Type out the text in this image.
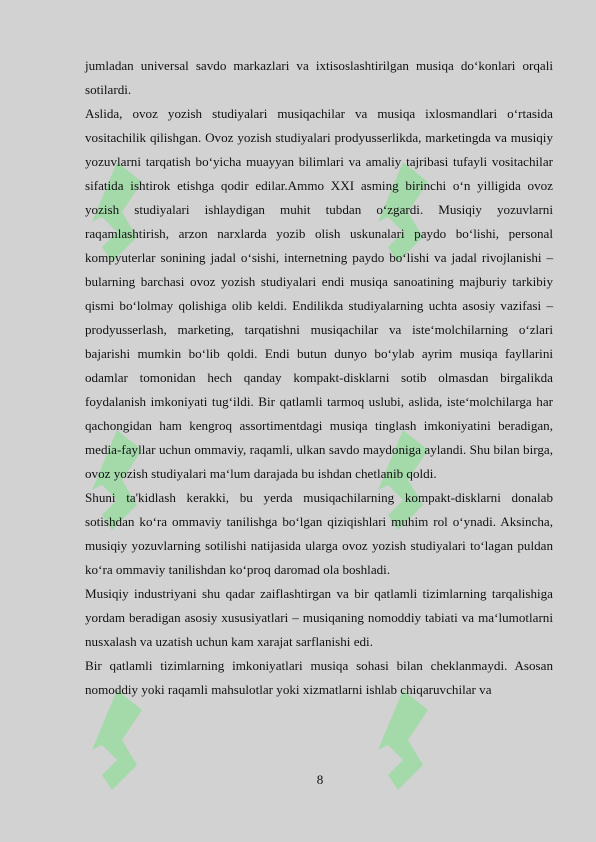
jumladan universal savdo markazlari va ixtisoslashtirilgan musiqa doʻkonlari orqali sotilardi.

Aslida, ovoz yozish studiyalari musiqachilar va musiqa ixlosmandlari oʻrtasida vositachilik qilishgan. Ovoz yozish studiyalari prodyusserlikda, marketingda va musiqiy yozuvlarni tarqatish boʻyicha muayyan bilimlari va amaliy tajribasi tufayli vositachilar sifatida ishtirok etishga qodir edilar.Ammo XXI asming birinchi oʻn yilligida ovoz yozish studiyalari ishlaydigan muhit tubdan oʻzgardi. Musiqiy yozuvlarni raqamlashtirish, arzon narxlarda yozib olish uskunalari paydo boʻlishi, personal kompyuterlar sonining jadal oʻsishi, internetning paydo boʻlishi va jadal rivojlanishi – bularning barchasi ovoz yozish studiyalari endi musiqa sanoatining majburiy tarkibiy qismi boʻlolmay qolishiga olib keldi. Endilikda studiyalarning uchta asosiy vazifasi – prodyusserlash, marketing, tarqatishni musiqachilar va isteʻmolchilarning oʻzlari bajarishi mumkin boʻlib qoldi. Endi butun dunyo boʻylab ayrim musiqa fayllarini odamlar tomonidan hech qanday kompakt-disklarni sotib olmasdan birgalikda foydalanish imkoniyati tugʻildi. Bir qatlamli tarmoq uslubi, aslida, isteʻmolchilarga har qachongidan ham kengroq assortimentdagi musiqa tinglash imkoniyatini beradigan, media-fayllar uchun ommaviy, raqamli, ulkan savdo maydoniga aylandi. Shu bilan birga, ovoz yozish studiyalari maʻlum darajada bu ishdan chetlanib qoldi.

Shuni ta'kidlash kerakki, bu yerda musiqachilarning kompakt-disklarni donalab sotishdan koʻra ommaviy tanilishga boʻlgan qiziqishlari muhim rol oʻynadi. Aksincha, musiqiy yozuvlarning sotilishi natijasida ularga ovoz yozish studiyalari toʻlagan puldan koʻra ommaviy tanilishdan koʻproq daromad ola boshladi.

Musiqiy industriyani shu qadar zaiflashtirgan va bir qatlamli tizimlarning tarqalishiga yordam beradigan asosiy xususiyatlari – musiqaning nomoddiy tabiati va maʻlumotlarni nusxalash va uzatish uchun kam xarajat sarflanishi edi.

Bir qatlamli tizimlarning imkoniyatlari musiqa sohasi bilan cheklanmaydi. Asosan nomoddiy yoki raqamli mahsulotlar yoki xizmatlarni ishlab chiqaruvchilar va

8
